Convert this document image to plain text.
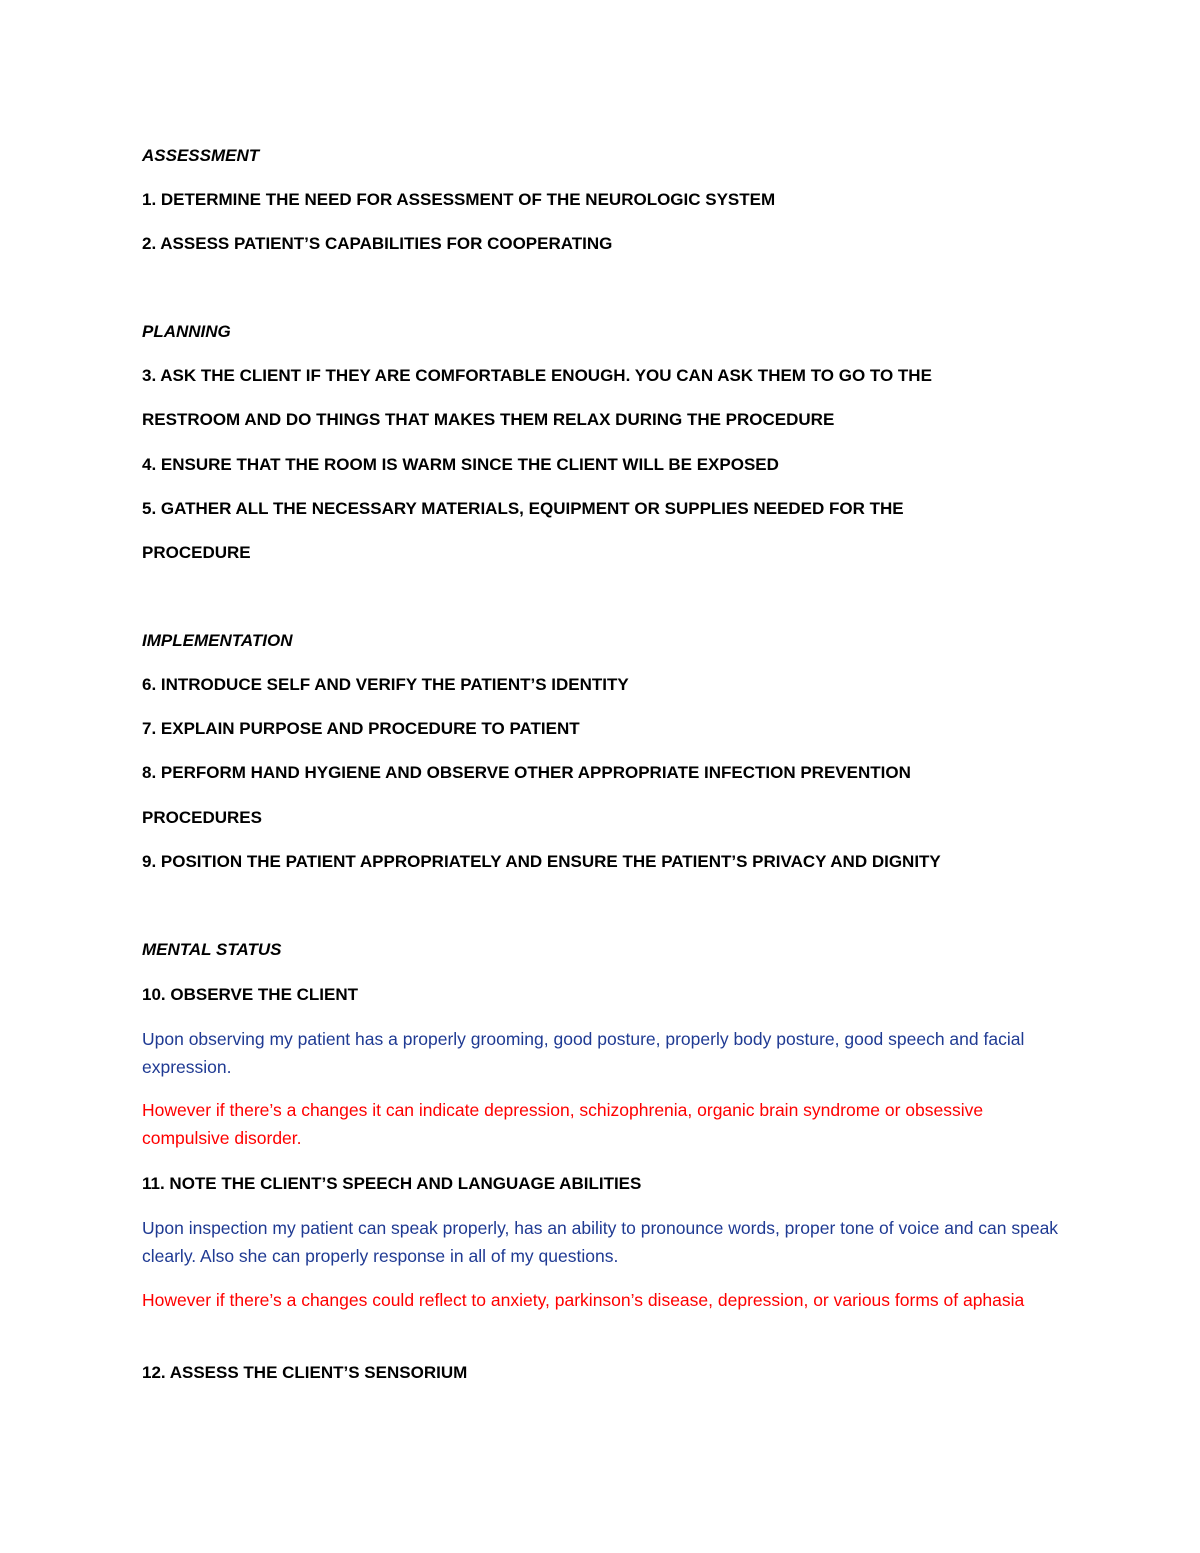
ASSESSMENT

1. DETERMINE THE NEED FOR ASSESSMENT OF THE NEUROLOGIC SYSTEM

2. ASSESS PATIENT’S CAPABILITIES FOR COOPERATING

PLANNING

3. ASK THE CLIENT IF THEY ARE COMFORTABLE ENOUGH. YOU CAN ASK THEM TO GO TO THE

RESTROOM AND DO THINGS THAT MAKES THEM RELAX DURING THE PROCEDURE

4. ENSURE THAT THE ROOM IS WARM SINCE THE CLIENT WILL BE EXPOSED

5. GATHER ALL THE NECESSARY MATERIALS, EQUIPMENT OR SUPPLIES NEEDED FOR THE

PROCEDURE

IMPLEMENTATION

6. INTRODUCE SELF AND VERIFY THE PATIENT’S IDENTITY

7. EXPLAIN PURPOSE AND PROCEDURE TO PATIENT

8. PERFORM HAND HYGIENE AND OBSERVE OTHER APPROPRIATE INFECTION PREVENTION

PROCEDURES

9. POSITION THE PATIENT APPROPRIATELY AND ENSURE THE PATIENT’S PRIVACY AND DIGNITY

MENTAL STATUS

10. OBSERVE THE CLIENT

Upon observing my patient has a properly grooming, good posture, properly body posture, good speech and facial expression.

However if there’s a changes it can indicate depression, schizophrenia, organic brain syndrome or obsessive compulsive disorder.

11. NOTE THE CLIENT’S SPEECH AND LANGUAGE ABILITIES

Upon inspection my patient can speak properly, has an ability to pronounce words, proper tone of voice and can speak clearly. Also she can properly response in all of my questions.

However if there’s a changes could reflect to anxiety, parkinson’s disease, depression, or various forms of aphasia

12. ASSESS THE CLIENT’S SENSORIUM
